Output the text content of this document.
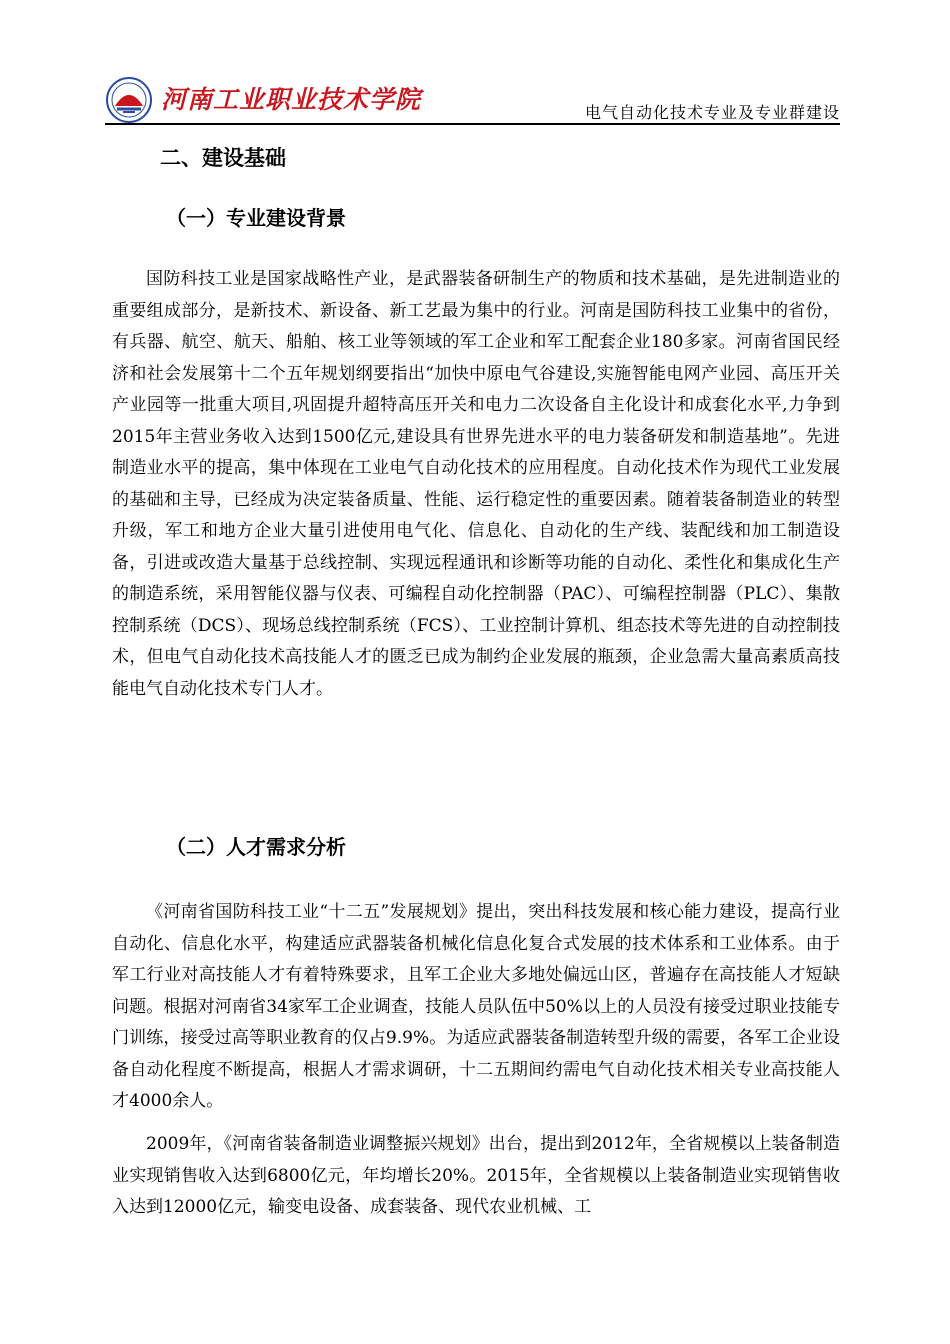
河南工业职业技术学院	电气自动化技术专业及专业群建设
二、建设基础
（一）专业建设背景

国防科技工业是国家战略性产业，是武器装备研制生产的物质和技术基础，是先进制造业的重要组成部分，是新技术、新设备、新工艺最为集中的行业。河南是国防科技工业集中的省份，有兵器、航空、航天、船舶、核工业等领域的军工企业和军工配套企业180多家。河南省国民经济和社会发展第十二个五年规划纲要指出“加快中原电气谷建设,实施智能电网产业园、高压开关产业园等一批重大项目,巩固提升超特高压开关和电力二次设备自主化设计和成套化水平,力争到2015年主营业务收入达到1500亿元,建设具有世界先进水平的电力装备研发和制造基地”。先进制造业水平的提高，集中体现在工业电气自动化技术的应用程度。自动化技术作为现代工业发展的基础和主导，已经成为决定装备质量、性能、运行稳定性的重要因素。随着装备制造业的转型升级，军工和地方企业大量引进使用电气化、信息化、自动化的生产线、装配线和加工制造设备，引进或改造大量基于总线控制、实现远程通讯和诊断等功能的自动化、柔性化和集成化生产的制造系统，采用智能仪器与仪表、可编程自动化控制器（PAC）、可编程控制器（PLC）、集散控制系统（DCS）、现场总线控制系统（FCS）、工业控制计算机、组态技术等先进的自动控制技术，但电气自动化技术高技能人才的匮乏已成为制约企业发展的瓶颈，企业急需大量高素质高技能电气自动化技术专门人才。

（二）人才需求分析

《河南省国防科技工业“十二五”发展规划》提出，突出科技发展和核心能力建设，提高行业自动化、信息化水平，构建适应武器装备机械化信息化复合式发展的技术体系和工业体系。由于军工行业对高技能人才有着特殊要求，且军工企业大多地处偏远山区，普遍存在高技能人才短缺问题。根据对河南省34家军工企业调查，技能人员队伍中50%以上的人员没有接受过职业技能专门训练，接受过高等职业教育的仅占9.9%。为适应武器装备制造转型升级的需要，各军工企业设备自动化程度不断提高，根据人才需求调研，十二五期间约需电气自动化技术相关专业高技能人才4000余人。

2009年，《河南省装备制造业调整振兴规划》出台，提出到2012年，全省规模以上装备制造业实现销售收入达到6800亿元，年均增长20%。2015年，全省规模以上装备制造业实现销售收入达到12000亿元，输变电设备、成套装备、现代农业机械、工
